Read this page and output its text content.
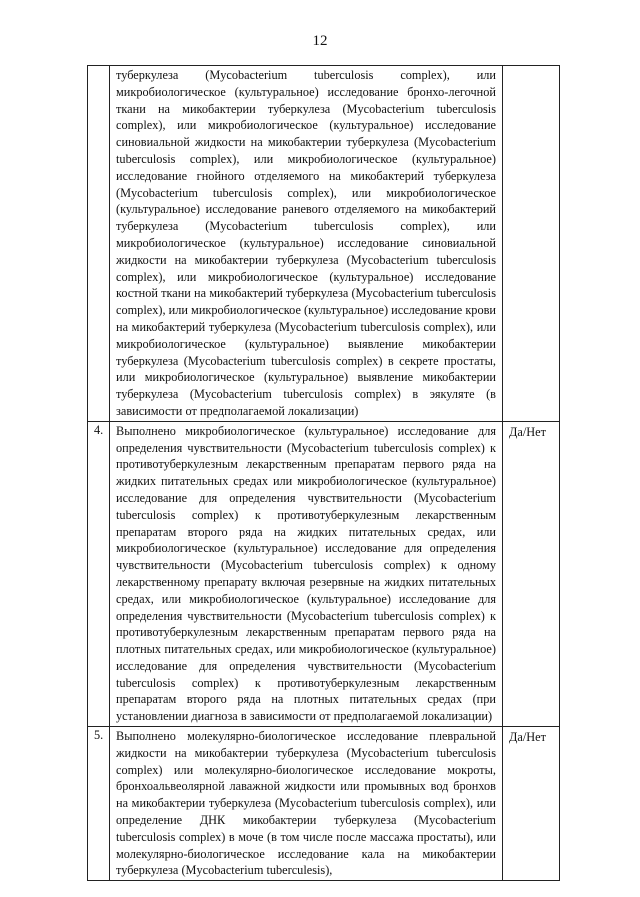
12
	туберкулеза (Mycobacterium tuberculosis complex), или микробиологическое (культуральное) исследование бронхо-легочной ткани на микобактерии туберкулеза (Mycobacterium tuberculosis complex), или микробиологическое (культуральное) исследование синовиальной жидкости на микобактерии туберкулеза (Mycobacterium tuberculosis complex), или микробиологическое (культуральное) исследование гнойного отделяемого на микобактерий туберкулеза (Mycobacterium tuberculosis complex), или микробиологическое (культуральное) исследование раневого отделяемого на микобактерий туберкулеза (Mycobacterium tuberculosis complex), или микробиологическое (культуральное) исследование синовиальной жидкости на микобактерии туберкулеза (Mycobacterium tuberculosis complex), или микробиологическое (культуральное) исследование костной ткани на микобактерий туберкулеза (Mycobacterium tuberculosis complex), или микробиологическое (культуральное) исследование крови на микобактерий туберкулеза (Mycobacterium tuberculosis complex), или микробиологическое (культуральное) выявление микобактерии туберкулеза (Mycobacterium tuberculosis complex) в секрете простаты, или микробиологическое (культуральное) выявление микобактерии туберкулеза (Mycobacterium tuberculosis complex) в эякуляте (в зависимости от предполагаемой локализации)	
4.	Выполнено микробиологическое (культуральное) исследование для определения чувствительности (Mycobacterium tuberculosis complex) к противотуберкулезным лекарственным препаратам первого ряда на жидких питательных средах или микробиологическое (культуральное) исследование для определения чувствительности (Mycobacterium tuberculosis complex) к противотуберкулезным лекарственным препаратам второго ряда на жидких питательных средах, или микробиологическое (культуральное) исследование для определения чувствительности (Mycobacterium tuberculosis complex) к одному лекарственному препарату включая резервные на жидких питательных средах, или микробиологическое (культуральное) исследование для определения чувствительности (Mycobacterium tuberculosis complex) к противотуберкулезным лекарственным препаратам первого ряда на плотных питательных средах, или микробиологическое (культуральное) исследование для определения чувствительности (Mycobacterium tuberculosis complex) к противотуберкулезным лекарственным препаратам второго ряда на плотных питательных средах (при установлении диагноза в зависимости от предполагаемой локализации)	Да/Нет
5.	Выполнено молекулярно-биологическое исследование плевральной жидкости на микобактерии туберкулеза (Mycobacterium tuberculosis complex) или молекулярно-биологическое исследование мокроты, бронхоальвеолярной лаважной жидкости или промывных вод бронхов на микобактерии туберкулеза (Mycobacterium tuberculosis complex), или определение ДНК микобактерии туберкулеза (Mycobacterium tuberculosis complex) в моче (в том числе после массажа простаты), или молекулярно-биологическое исследование кала на микобактерии туберкулеза (Mycobacterium tuberculesis),	Да/Нет
